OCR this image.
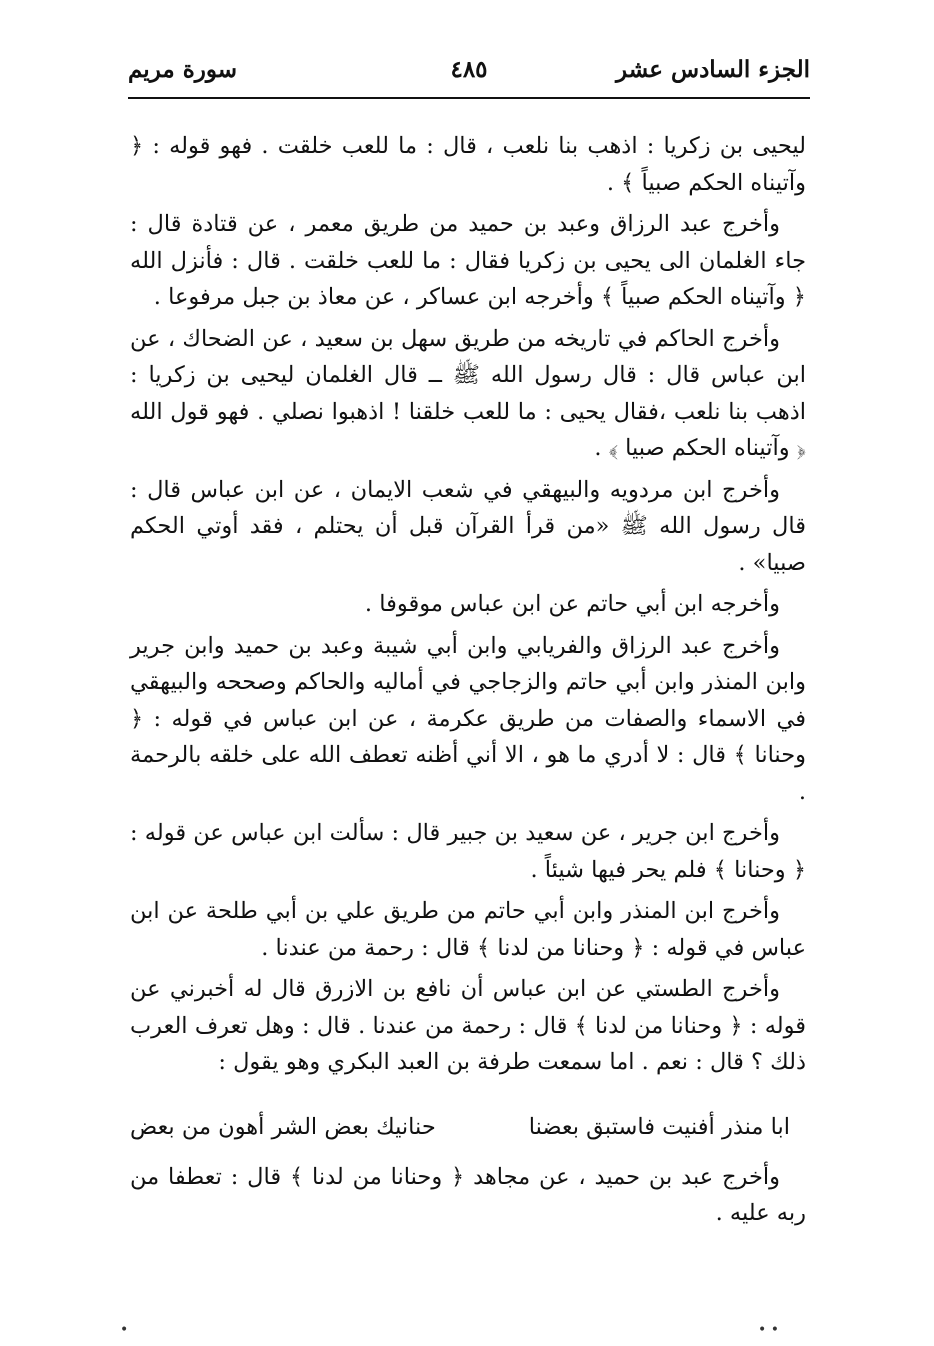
الجزء السادس عشر
٤٨٥
سورة مريم

ليحيى بن زكريا : اذهب بنا نلعب ، قال : ما للعب خلقت . فهو قوله : ﴿ وآتيناه الحكم صبياً ﴾ .

وأخرج عبد الرزاق وعبد بن حميد من طريق معمر ، عن قتادة قال : جاء الغلمان الى يحيى بن زكريا فقال : ما للعب خلقت . قال : فأنزل الله ﴿ وآتيناه الحكم صبياً ﴾ وأخرجه ابن عساكر ، عن معاذ بن جبل مرفوعا .

وأخرج الحاكم في تاريخه من طريق سهل بن سعيد ، عن الضحاك ، عن ابن عباس قال : قال رسول الله ﷺ ــ قال الغلمان ليحيى بن زكريا : اذهب بنا نلعب ،فقال يحيى : ما للعب خلقنا ! اذهبوا نصلي . فهو قول الله ﴿ وآتيناه الحكم صبيا ﴾ .

وأخرج ابن مردويه والبيهقي في شعب الايمان ، عن ابن عباس قال : قال رسول الله ﷺ «من قرأ القرآن قبل أن يحتلم ، فقد أوتي الحكم صبيا» .

وأخرجه ابن أبي حاتم عن ابن عباس موقوفا .

وأخرج عبد الرزاق والفريابي وابن أبي شيبة وعبد بن حميد وابن جرير وابن المنذر وابن أبي حاتم والزجاجي في أماليه والحاكم وصححه والبيهقي في الاسماء والصفات من طريق عكرمة ، عن ابن عباس في قوله : ﴿ وحنانا ﴾ قال : لا أدري ما هو ، الا أني أظنه تعطف الله على خلقه بالرحمة .

وأخرج ابن جرير ، عن سعيد بن جبير قال : سألت ابن عباس عن قوله : ﴿ وحنانا ﴾ فلم يحر فيها شيئاً .

وأخرج ابن المنذر وابن أبي حاتم من طريق علي بن أبي طلحة عن ابن عباس في قوله : ﴿ وحنانا من لدنا ﴾ قال : رحمة من عندنا .

وأخرج الطستي عن ابن عباس أن نافع بن الازرق قال له أخبرني عن قوله : ﴿ وحنانا من لدنا ﴾ قال : رحمة من عندنا . قال : وهل تعرف العرب ذلك ؟ قال : نعم . اما سمعت طرفة بن العبد البكري وهو يقول :

ابا منذر أفنيت فاستبق بعضنا
حنانيك بعض الشر أهون من بعض

وأخرج عبد بن حميد ، عن مجاهد ﴿ وحنانا من لدنا ﴾ قال : تعطفا من ربه عليه .

•	• •
